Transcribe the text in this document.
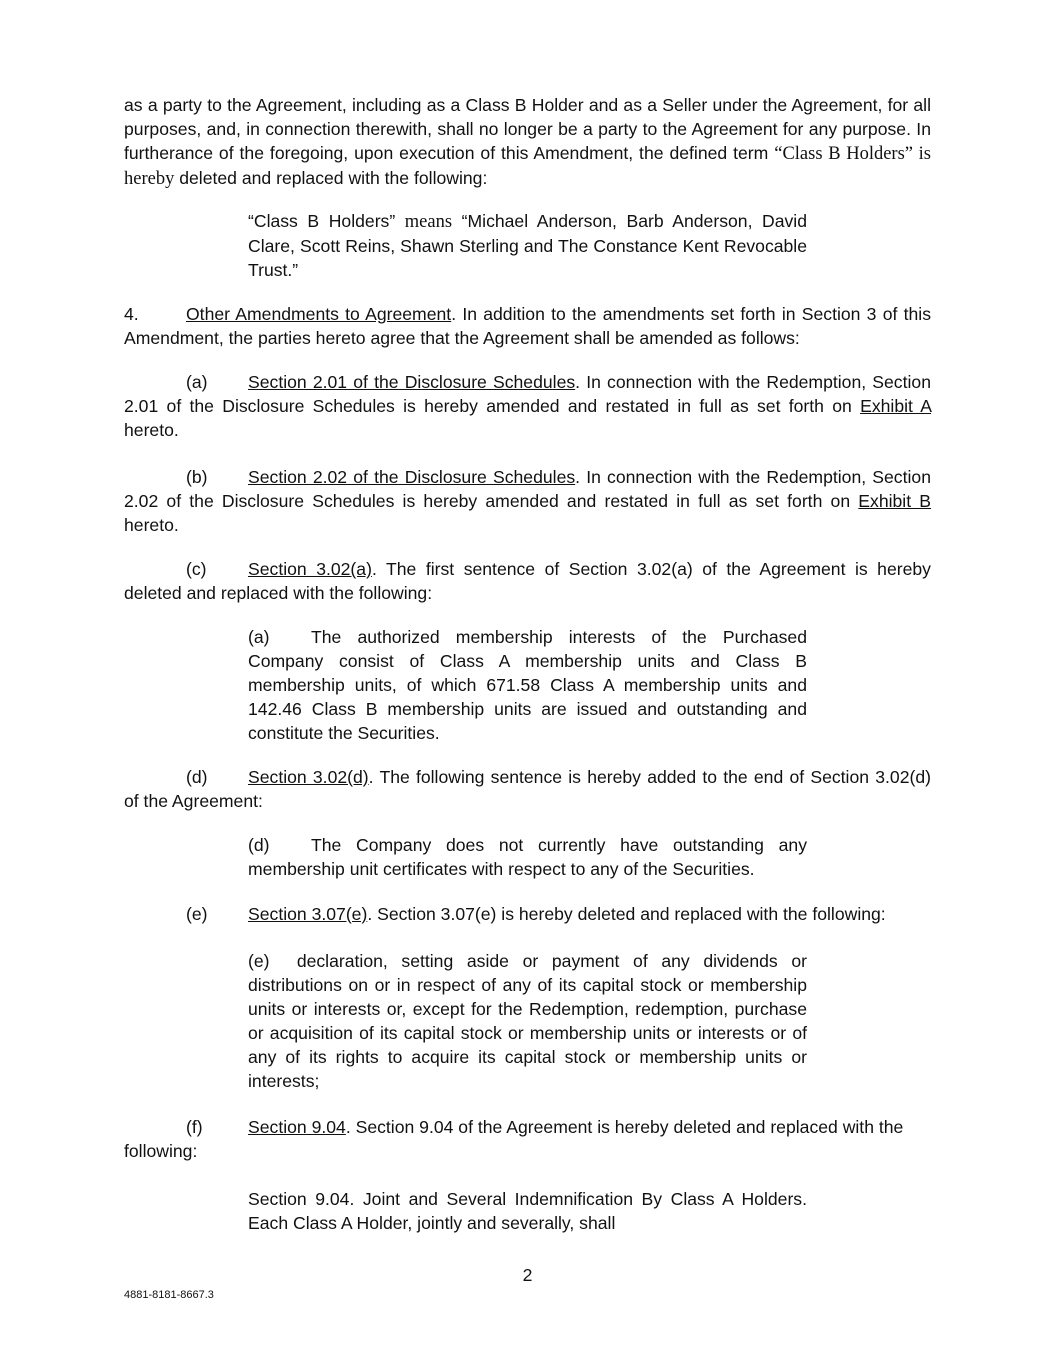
as a party to the Agreement, including as a Class B Holder and as a Seller under the Agreement, for all purposes, and, in connection therewith, shall no longer be a party to the Agreement for any purpose. In furtherance of the foregoing, upon execution of this Amendment, the defined term “Class B Holders” is hereby deleted and replaced with the following:

“Class B Holders” means “Michael Anderson, Barb Anderson, David Clare, Scott Reins, Shawn Sterling and The Constance Kent Revocable Trust.”

4.	Other Amendments to Agreement. In addition to the amendments set forth in Section 3 of this Amendment, the parties hereto agree that the Agreement shall be amended as follows:

(a) Section 2.01 of the Disclosure Schedules. In connection with the Redemption, Section 2.01 of the Disclosure Schedules is hereby amended and restated in full as set forth on Exhibit A hereto.

(b) Section 2.02 of the Disclosure Schedules. In connection with the Redemption, Section 2.02 of the Disclosure Schedules is hereby amended and restated in full as set forth on Exhibit B hereto.

(c) Section 3.02(a). The first sentence of Section 3.02(a) of the Agreement is hereby deleted and replaced with the following:

(a) The authorized membership interests of the Purchased Company consist of Class A membership units and Class B membership units, of which 671.58 Class A membership units and 142.46 Class B membership units are issued and outstanding and constitute the Securities.

(d) Section 3.02(d). The following sentence is hereby added to the end of Section 3.02(d) of the Agreement:

(d) The Company does not currently have outstanding any membership unit certificates with respect to any of the Securities.

(e) Section 3.07(e). Section 3.07(e) is hereby deleted and replaced with the following:

(e) declaration, setting aside or payment of any dividends or distributions on or in respect of any of its capital stock or membership units or interests or, except for the Redemption, redemption, purchase or acquisition of its capital stock or membership units or interests or of any of its rights to acquire its capital stock or membership units or interests;

(f)	Section 9.04. Section 9.04 of the Agreement is hereby deleted and replaced with the following:

Section 9.04. Joint and Several Indemnification By Class A Holders. Each Class A Holder, jointly and severally, shall

2
4881-8181-8667.3
